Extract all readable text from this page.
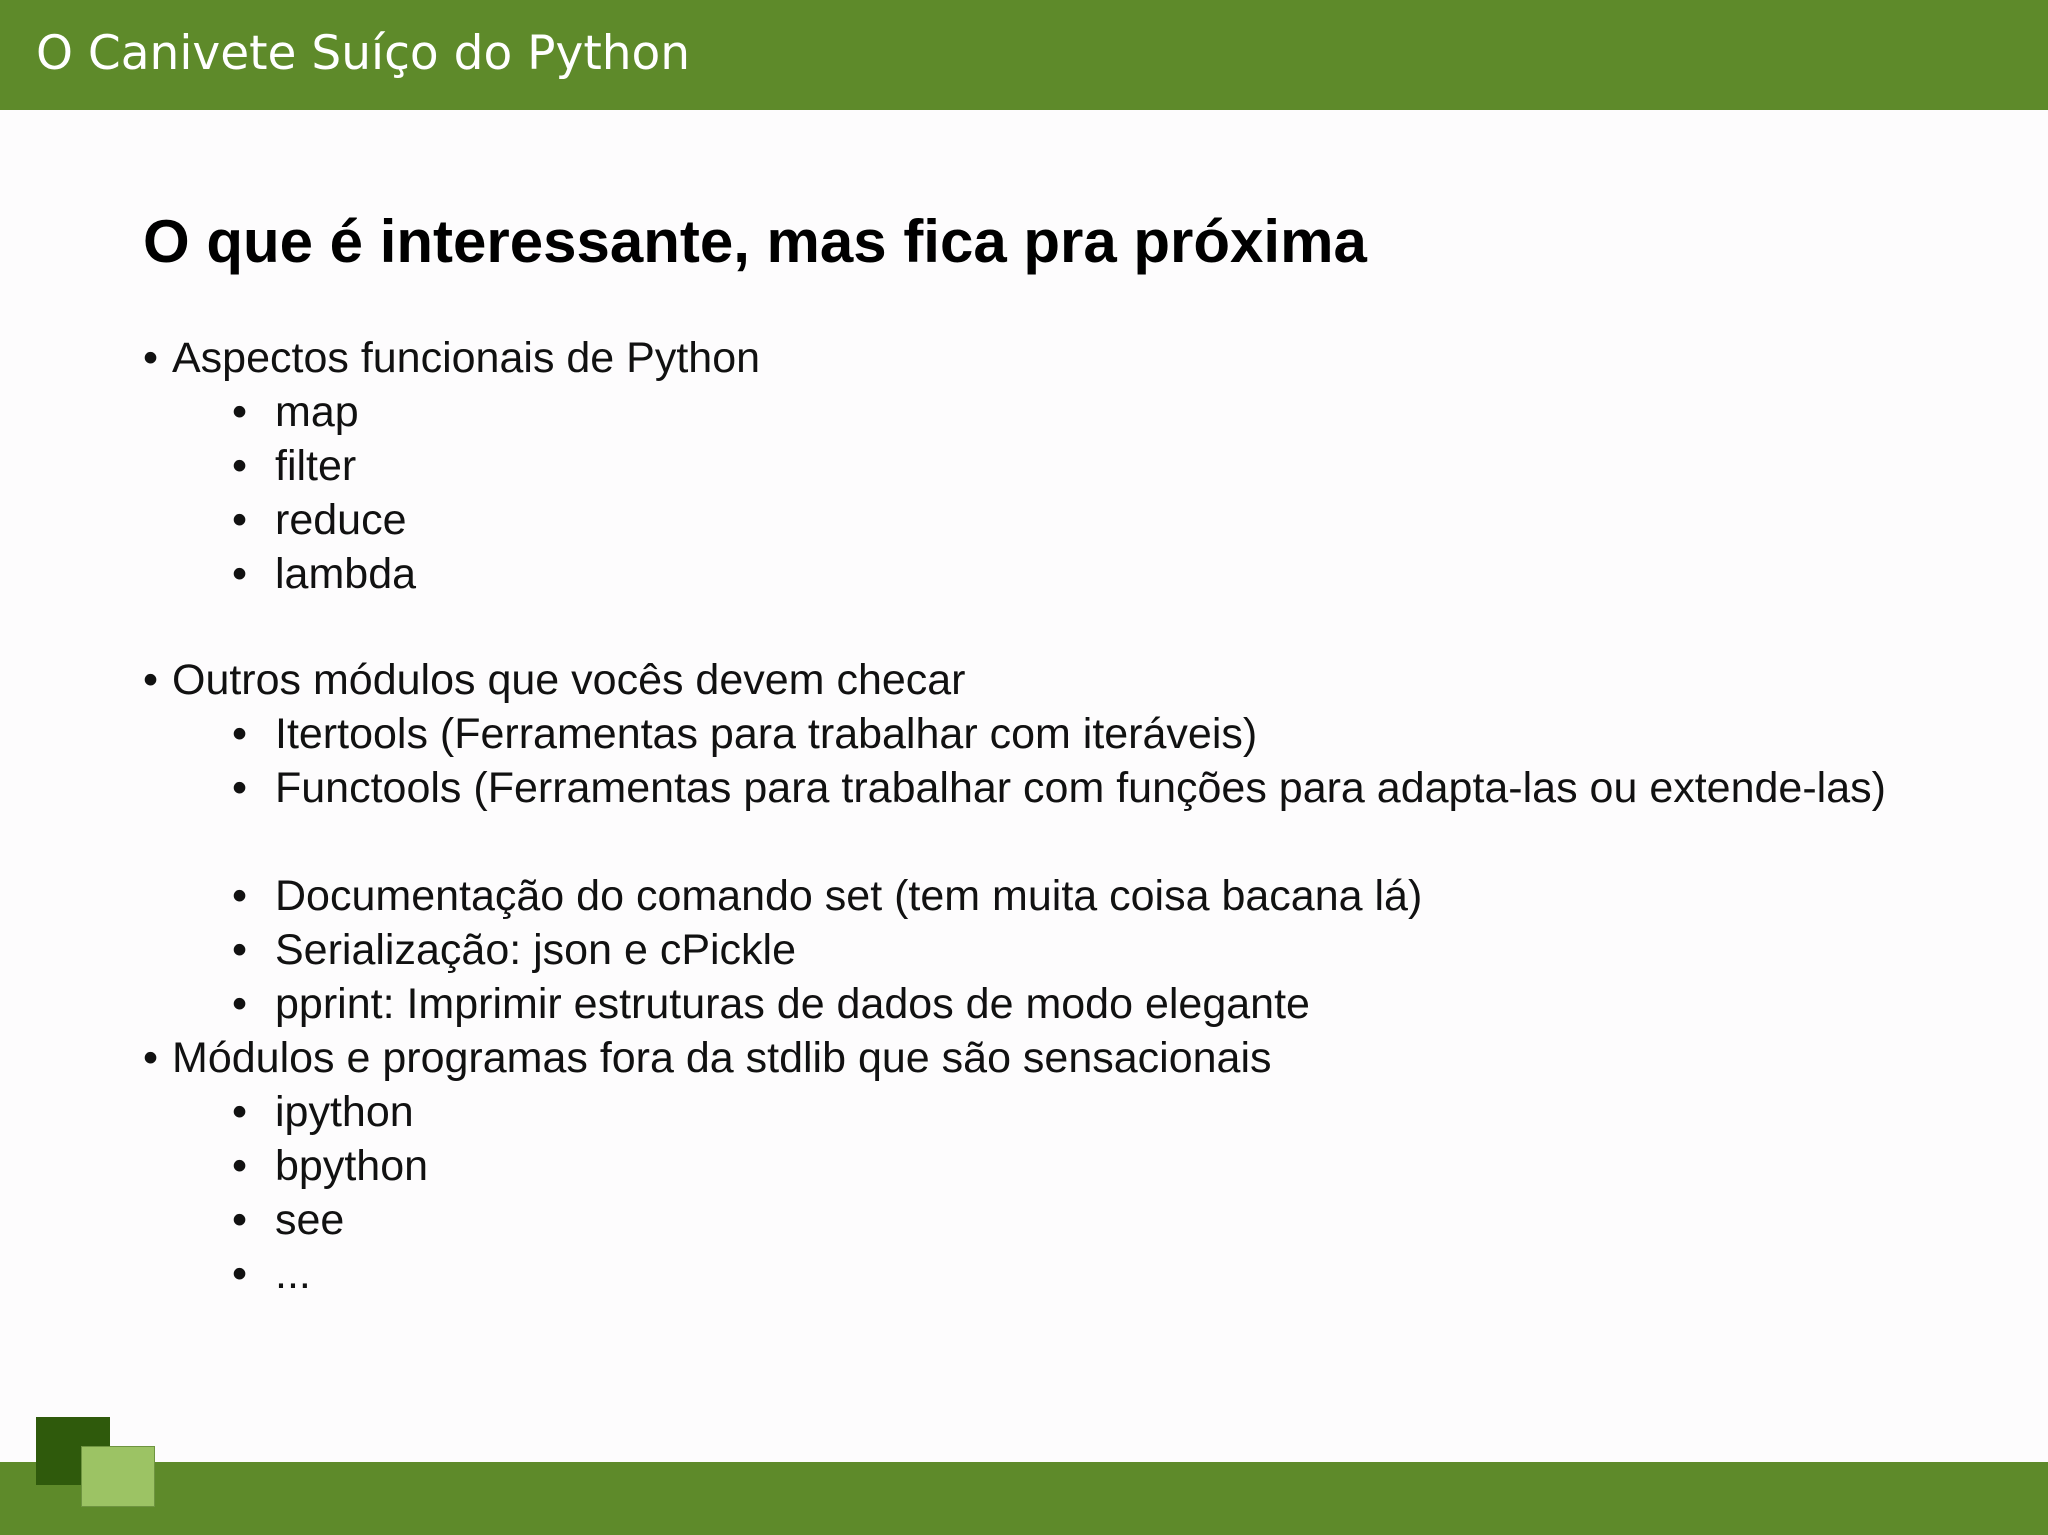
O Canivete Suíço do Python
O que é interessante, mas fica pra próxima
• Aspectos funcionais de Python
• map
• filter
• reduce
• lambda
• Outros módulos que vocês devem checar
• Itertools (Ferramentas para trabalhar com iteráveis)
• Functools (Ferramentas para trabalhar com funções para adapta-las ou extende-las)
• Documentação do comando set (tem muita coisa bacana lá)
• Serialização: json e cPickle
• pprint: Imprimir estruturas de dados de modo elegante
• Módulos e programas fora da stdlib que são sensacionais
• ipython
• bpython
• see
• ...
